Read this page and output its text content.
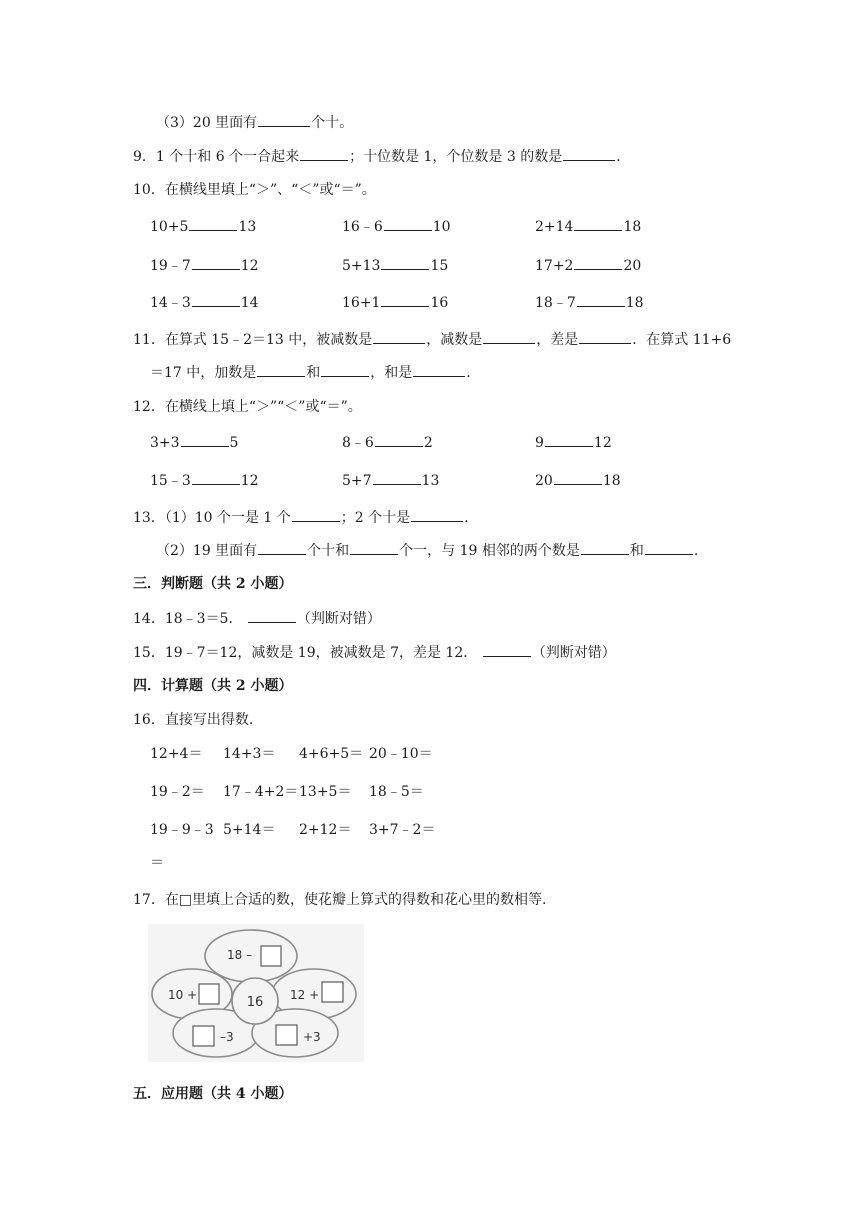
（3）20 里面有	个十。
9．1 个十和 6 个一合起来	；十位数是 1，个位数是 3 的数是	.
10．在横线里填上“＞”、“＜”或“＝”。
10+5	13	16﹣6	10	2+14	18
19﹣7	12	5+13	15	17+2	20
14﹣3	14	16+1	16	18﹣7	18
11．在算式 15﹣2＝13 中，被减数是	，减数是	，差是	．在算式 11+6
＝17 中，加数是	和	，和是	.
12．在横线上填上“＞”“＜”或“＝”。
3+3	5	8﹣6	2	9	12
15﹣3	12	5+7	13	20	18
13．（1）10 个一是 1 个	；2 个十是	.
（2）19 里面有	个十和	个一，与 19 相邻的两个数是	和	.
三．判断题（共 2 小题）
14．18﹣3＝5．	（判断对错）
15．19﹣7＝12，减数是 19，被减数是 7，差是 12．	（判断对错）
四．计算题（共 2 小题）
16．直接写出得数.
12+4＝ 14+3＝ 4+6+5＝ 20﹣10＝
19﹣2＝ 17﹣4+2＝ 13+5＝ 18﹣5＝
19﹣9﹣3 5+14＝ 2+12＝ 3+7﹣2＝
＝
17．在□里填上合适的数，使花瓣上算式的得数和花心里的数相等.
16
18 –
10 +	12 +
–3	+3
五．应用题（共 4 小题）
